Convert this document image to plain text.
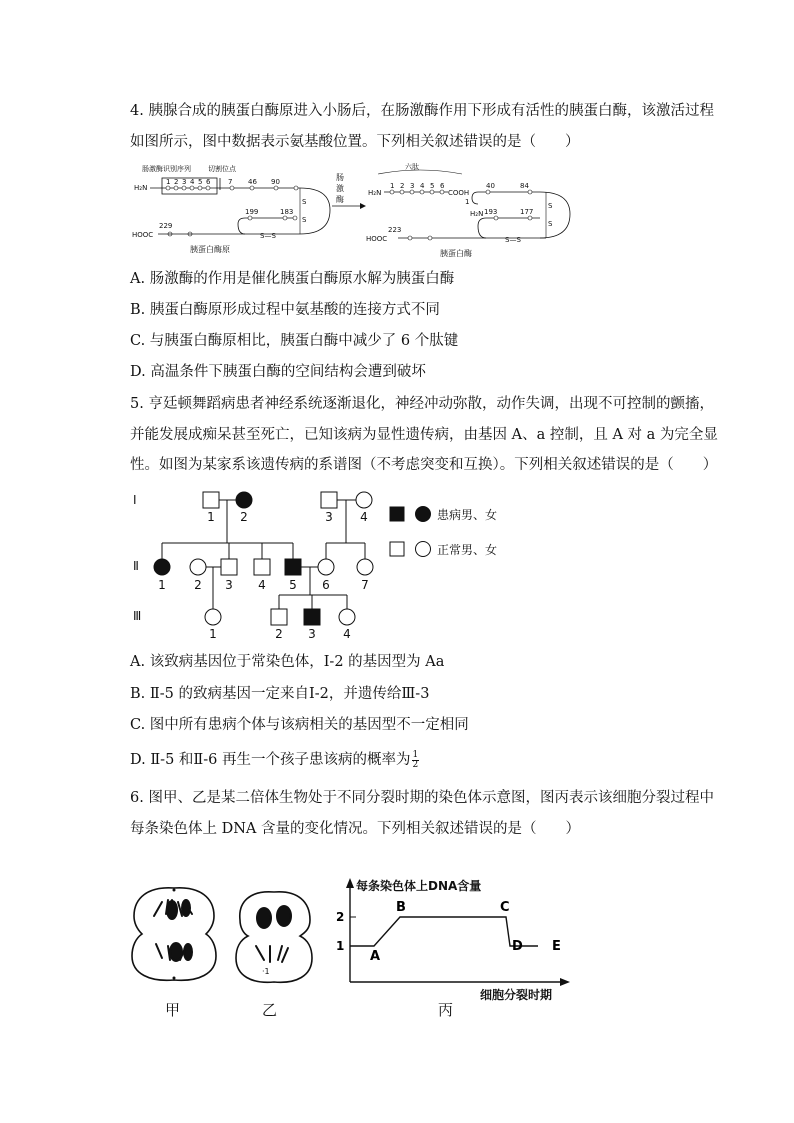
4. 胰腺合成的胰蛋白酶原进入小肠后，在肠激酶作用下形成有活性的胰蛋白酶，该激活过程
如图所示，图中数据表示氨基酸位置。下列相关叙述错误的是（　　）
肠激酶识别序列 切割位点
H₂N
1 2 3 4 5 6	7 46 90
S
S
199	183
S—S
229
HOOC
胰蛋白酶原
肠
激
酶
六肽
H₂N
1 2 3 4 5 6
COOH
40	84
S
S
1
H₂N 193	177
S—S
223
HOOC
胰蛋白酶
A. 肠激酶的作用是催化胰蛋白酶原水解为胰蛋白酶
B. 胰蛋白酶原形成过程中氨基酸的连接方式不同
C. 与胰蛋白酶原相比，胰蛋白酶中减少了 6 个肽键
D. 高温条件下胰蛋白酶的空间结构会遭到破坏
5. 亨廷顿舞蹈病患者神经系统逐渐退化，神经冲动弥散，动作失调，出现不可控制的颤搐，
并能发展成痴呆甚至死亡，已知该病为显性遗传病，由基因 A、a 控制，且 A 对 a 为完全显
性。如图为某家系该遗传病的系谱图（不考虑突变和互换）。下列相关叙述错误的是（　　）
Ⅰ
Ⅱ
Ⅲ
1 2	3 4
1 2 3 4 5 6	7
1	2 3 4
患病男、女
正常男、女
A. 该致病基因位于常染色体，Ⅰ-2 的基因型为 Aa
B. Ⅱ-5 的致病基因一定来自Ⅰ-2，并遗传给Ⅲ-3
C. 图中所有患病个体与该病相关的基因型不一定相同
D. Ⅱ-5 和Ⅱ-6 再生一个孩子患该病的概率为 $\frac{1}{2}$
6. 图甲、乙是某二倍体生物处于不同分裂时期的染色体示意图，图丙表示该细胞分裂过程中
每条染色体上 DNA 含量的变化情况。下列相关叙述错误的是（　　）
甲
·1
乙
每条染色体上DNA含量
细胞分裂时期
1
2
A
B	C
D E
丙
